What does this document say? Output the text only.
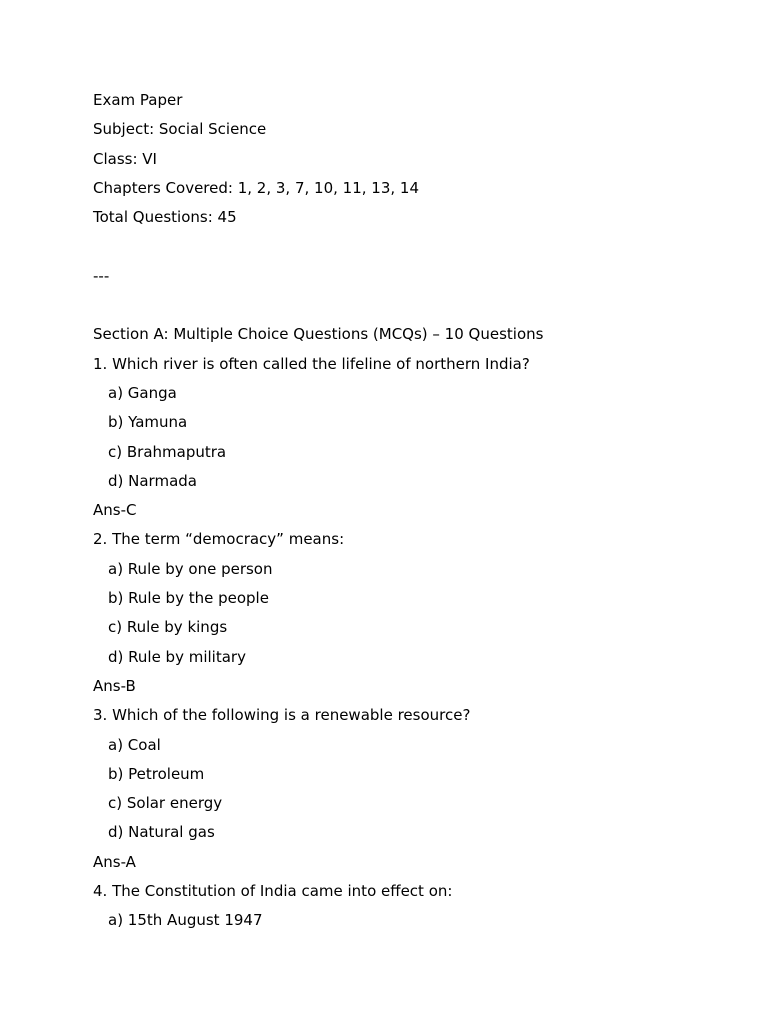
Exam Paper
Subject: Social Science
Class: VI
Chapters Covered: 1, 2, 3, 7, 10, 11, 13, 14
Total Questions: 45
---
Section A: Multiple Choice Questions (MCQs) – 10 Questions
1. Which river is often called the lifeline of northern India?
a) Ganga
b) Yamuna
c) Brahmaputra
d) Narmada
Ans-C
2. The term “democracy” means:
a) Rule by one person
b) Rule by the people
c) Rule by kings
d) Rule by military
Ans-B
3. Which of the following is a renewable resource?
a) Coal
b) Petroleum
c) Solar energy
d) Natural gas
Ans-A
4. The Constitution of India came into effect on:
a) 15th August 1947
